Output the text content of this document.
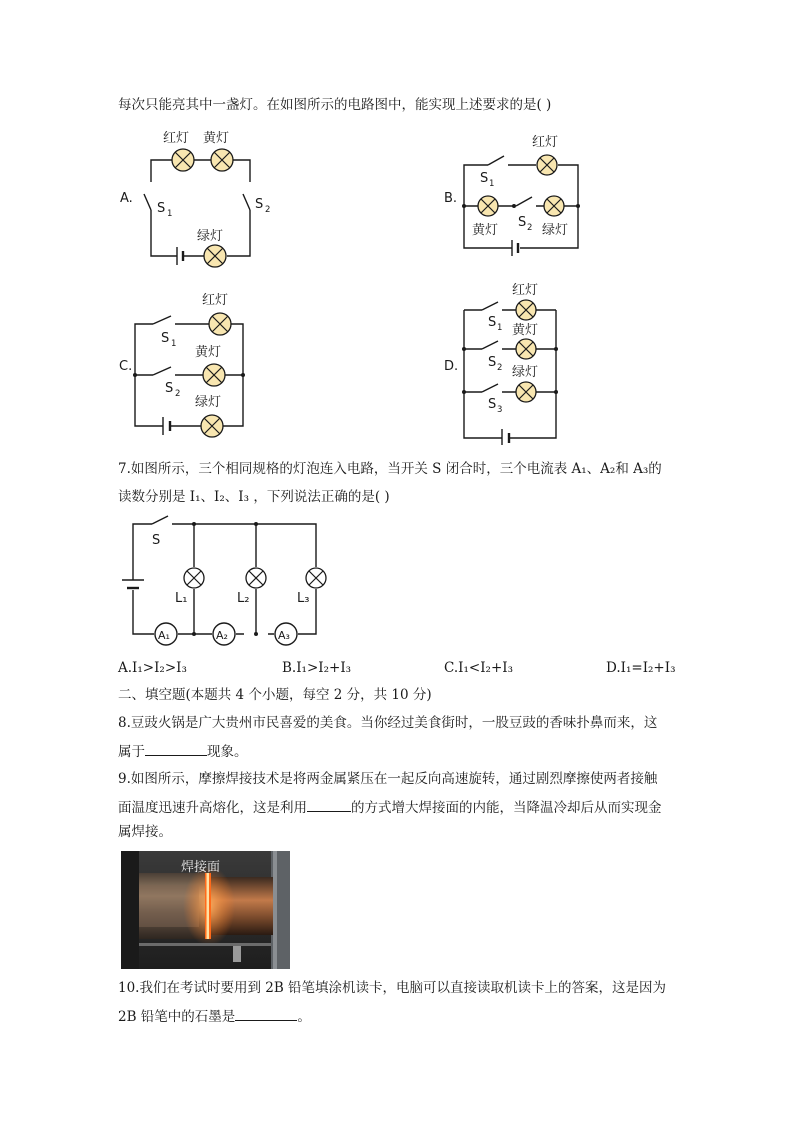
每次只能亮其中一盏灯。在如图所示的电路图中，能实现上述要求的是( )
A.
红灯 黄灯
S 1
S 2
绿灯
B.
红灯
S 1
S 2
黄灯	绿灯
C.
红灯
S 1
黄灯
S 2
绿灯
D.
红灯
S 1 黄灯
S 2 绿灯
S 3
7.如图所示，三个相同规格的灯泡连入电路，当开关 S 闭合时，三个电流表 A₁、A₂和 A₃的
读数分别是 I₁、I₂、I₃ ，下列说法正确的是( )
S
L₁	L₂	L₃
A₁	A₂	A₃
A.I₁>I₂>I₃	B.I₁>I₂+I₃	C.I₁<I₂+I₃	D.I₁=I₂+I₃
二、填空题(本题共 4 个小题，每空 2 分，共 10 分)
8.豆豉火锅是广大贵州市民喜爱的美食。当你经过美食街时，一股豆豉的香味扑鼻而来，这
属于	现象。
9.如图所示，摩擦焊接技术是将两金属紧压在一起反向高速旋转，通过剧烈摩擦使两者接触
面温度迅速升高熔化，这是利用	的方式增大焊接面的内能，当降温冷却后从而实现金
属焊接。
焊接面
10.我们在考试时要用到 2B 铅笔填涂机读卡，电脑可以直接读取机读卡上的答案，这是因为
2B 铅笔中的石墨是	。
